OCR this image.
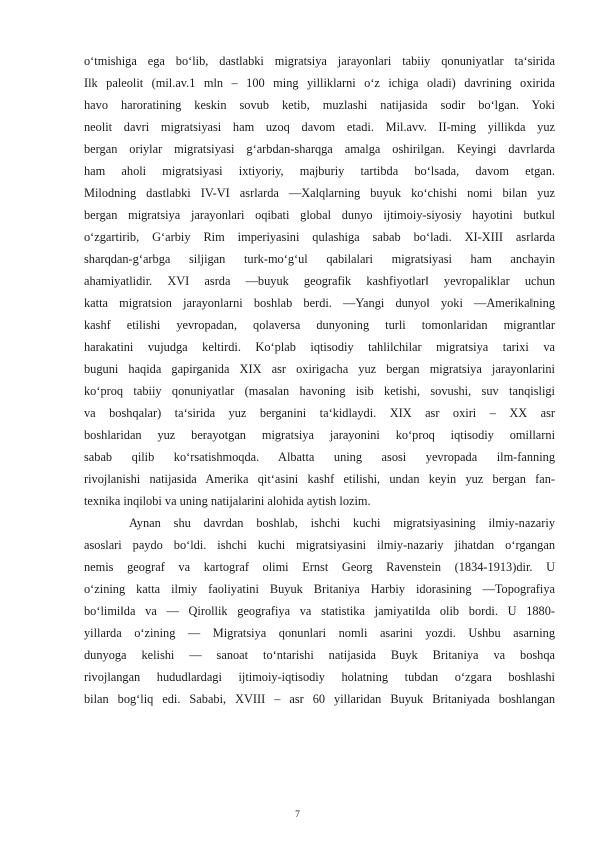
o‘tmishiga ega bo‘lib, dastlabki migratsiya jarayonlari tabiiy qonuniyatlar ta‘sirida
Ilk paleolit (mil.av.1 mln – 100 ming yilliklarni o‘z ichiga oladi) davrining oxirida
havo haroratining keskin sovub ketib, muzlashi natijasida sodir bo‘lgan. Yoki
neolit davri migratsiyasi ham uzoq davom etadi. Mil.avv. II-ming yillikda yuz
bergan oriylar migratsiyasi g‘arbdan-sharqga amalga oshirilgan. Keyingi davrlarda
ham aholi migratsiyasi ixtiyoriy, majburiy tartibda bo‘lsada, davom etgan.
Milodning dastlabki IV-VI asrlarda ―Xalqlarning buyuk ko‘chishi nomi bilan yuz
bergan migratsiya jarayonlari oqibati global dunyo ijtimoiy-siyosiy hayotini butkul
o‘zgartirib, G‘arbiy Rim imperiyasini qulashiga sabab bo‘ladi. XI-XIII asrlarda
sharqdan-g‘arbga siljigan turk-mo‘g‘ul qabilalari migratsiyasi ham anchayin
ahamiyatlidir. XVI asrda ―buyuk geografik kashfiyotlar‖ yevropaliklar uchun
katta migratsion jarayonlarni boshlab berdi. ―Yangi dunyo‖ yoki ―Amerika‖ning
kashf etilishi yevropadan, qolaversa dunyoning turli tomonlaridan migrantlar
harakatini vujudga keltirdi. Ko‘plab iqtisodiy tahlilchilar migratsiya tarixi va
buguni haqida gapirganida XIX asr oxirigacha yuz bergan migratsiya jarayonlarini
ko‘proq tabiiy qonuniyatlar (masalan havoning isib ketishi, sovushi, suv tanqisligi
va boshqalar) ta‘sirida yuz berganini ta‘kidlaydi. XIX asr oxiri – XX asr
boshlaridan yuz berayotgan migratsiya jarayonini ko‘proq iqtisodiy omillarni
sabab qilib ko‘rsatishmoqda. Albatta uning asosi yevropada ilm-fanning
rivojlanishi natijasida Amerika qit‘asini kashf etilishi, undan keyin yuz bergan fan-
texnika inqilobi va uning natijalarini alohida aytish lozim.
Aynan shu davrdan boshlab, ishchi kuchi migratsiyasining ilmiy-nazariy
asoslari paydo bo‘ldi. ishchi kuchi migratsiyasini ilmiy-nazariy jihatdan o‘rgangan
nemis geograf va kartograf olimi Ernst Georg Ravenstein (1834-1913)dir. U
o‘zining katta ilmiy faoliyatini Buyuk Britaniya Harbiy idorasining ―Topografiya
bo‘limi‖da va ― Qirollik geografiya va statistika jamiyati‖da olib bordi. U 1880-
yillarda o‘zining ― Migratsiya qonunlari nomli asarini yozdi. Ushbu asarning
dunyoga kelishi ― sanoat to‘ntarishi natijasida Buyk Britaniya va boshqa
rivojlangan hududlardagi ijtimoiy-iqtisodiy holatning tubdan o‘zgara boshlashi
bilan bog‘liq edi. Sababi, XVIII – asr 60 yillaridan Buyuk Britaniyada boshlangan
7
